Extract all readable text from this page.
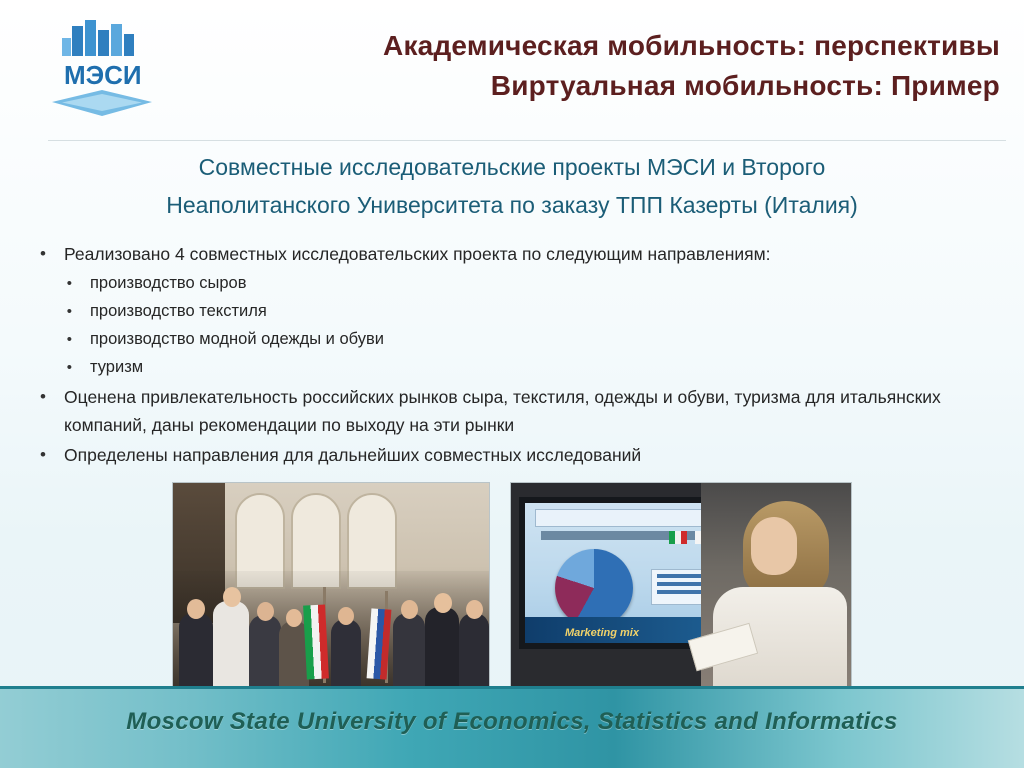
МЭСИ
Академическая мобильность: перспективы
Виртуальная мобильность: Пример
Совместные исследовательские проекты МЭСИ и Второго
Неаполитанского Университета по заказу ТПП Казерты (Италия)
•	Реализовано 4 совместных исследовательских проекта по следующим направлениям:
•	производство сыров
•	производство текстиля
•	производство модной одежды и обуви
•	туризм
•	Оценена привлекательность российских рынков сыра, текстиля, одежды и обуви, туризма для итальянских компаний, даны рекомендации по выходу на эти рынки
•	Определены направления для дальнейших совместных исследований
Marketing mix
Moscow State University of Economics, Statistics and Informatics
